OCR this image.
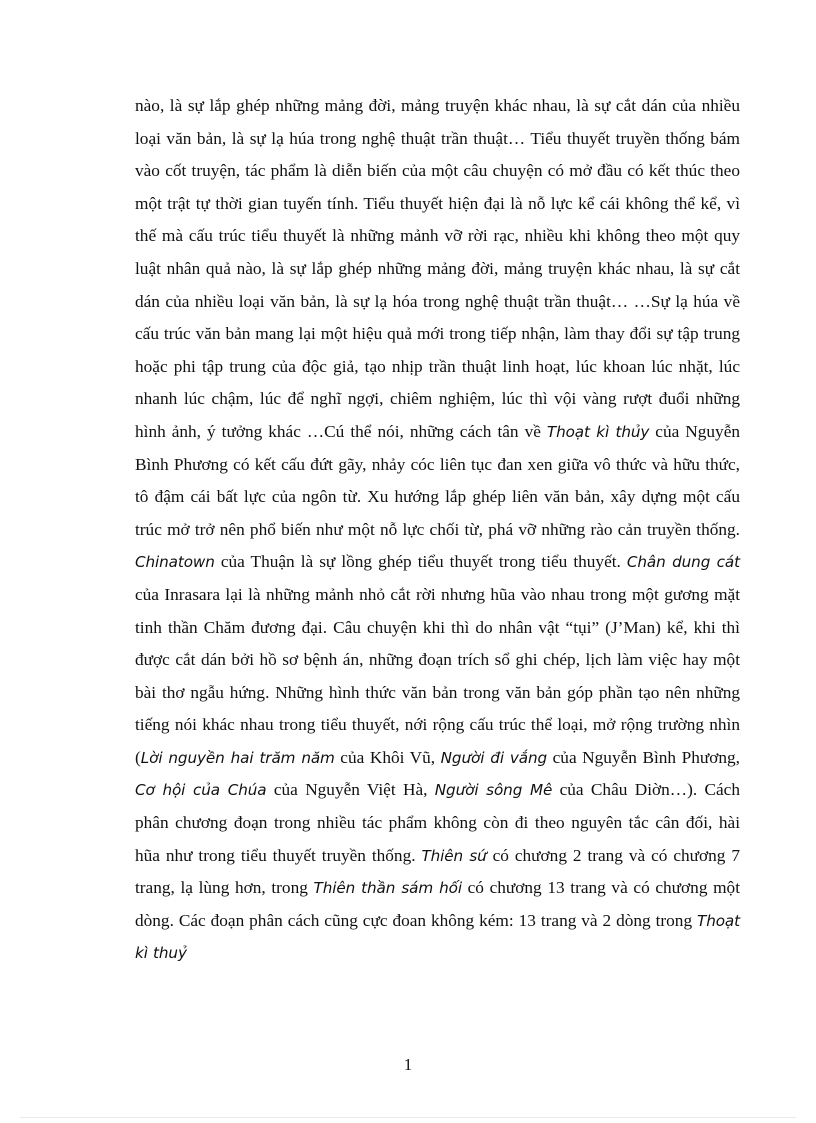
nào, là sự lắp ghép những mảng đời, mảng truyện khác nhau, là sự cắt dán của nhiều loại văn bản, là sự lạ húa trong nghệ thuật trần thuật… Tiểu thuyết truyền thống bám vào cốt truyện, tác phẩm là diễn biến của một câu chuyện có mở đầu có kết thúc theo một trật tự thời gian tuyến tính. Tiểu thuyết hiện đại là nỗ lực kể cái không thể kể, vì thế mà cấu trúc tiểu thuyết là những mảnh vỡ rời rạc, nhiều khi không theo một quy luật nhân quả nào, là sự lắp ghép những mảng đời, mảng truyện khác nhau, là sự cắt dán của nhiều loại văn bản, là sự lạ hóa trong nghệ thuật trần thuật… …Sự lạ húa về cấu trúc văn bản mang lại một hiệu quả mới trong tiếp nhận, làm thay đổi sự tập trung hoặc phi tập trung của độc giả, tạo nhịp trần thuật linh hoạt, lúc khoan lúc nhặt, lúc nhanh lúc chậm, lúc để nghĩ ngợi, chiêm nghiệm, lúc thì vội vàng rượt đuổi những hình ảnh, ý tưởng khác …Cú thể nói, những cách tân về Thoạt kì thủy của Nguyễn Bình Phương có kết cấu đứt gãy, nhảy cóc liên tục đan xen giữa vô thức và hữu thức, tô đậm cái bất lực của ngôn từ. Xu hướng lắp ghép liên văn bản, xây dựng một cấu trúc mở trở nên phổ biến như một nỗ lực chối từ, phá vỡ những rào cản truyền thống. Chinatown của Thuận là sự lồng ghép tiểu thuyết trong tiểu thuyết. Chân dung cát của Inrasara lại là những mảnh nhỏ cắt rời nhưng hũa vào nhau trong một gương mặt tinh thần Chăm đương đại. Câu chuyện khi thì do nhân vật “tụi” (J’Man) kể, khi thì được cắt dán bởi hồ sơ bệnh án, những đoạn trích sổ ghi chép, lịch làm việc hay một bài thơ ngẫu hứng. Những hình thức văn bản trong văn bản góp phần tạo nên những tiếng nói khác nhau trong tiểu thuyết, nới rộng cấu trúc thể loại, mở rộng trường nhìn (Lời nguyền hai trăm năm của Khôi Vũ, Người đi vắng của Nguyễn Bình Phương, Cơ hội của Chúa của Nguyễn Việt Hà, Người sông Mê của Châu Diờn…). Cách phân chương đoạn trong nhiều tác phẩm không còn đi theo nguyên tắc cân đối, hài hũa như trong tiểu thuyết truyền thống. Thiên sứ có chương 2 trang và có chương 7 trang, lạ lùng hơn, trong Thiên thần sám hối có chương 13 trang và có chương một dòng. Các đoạn phân cách cũng cực đoan không kém: 13 trang và 2 dòng trong Thoạt kì thuỷ

1
